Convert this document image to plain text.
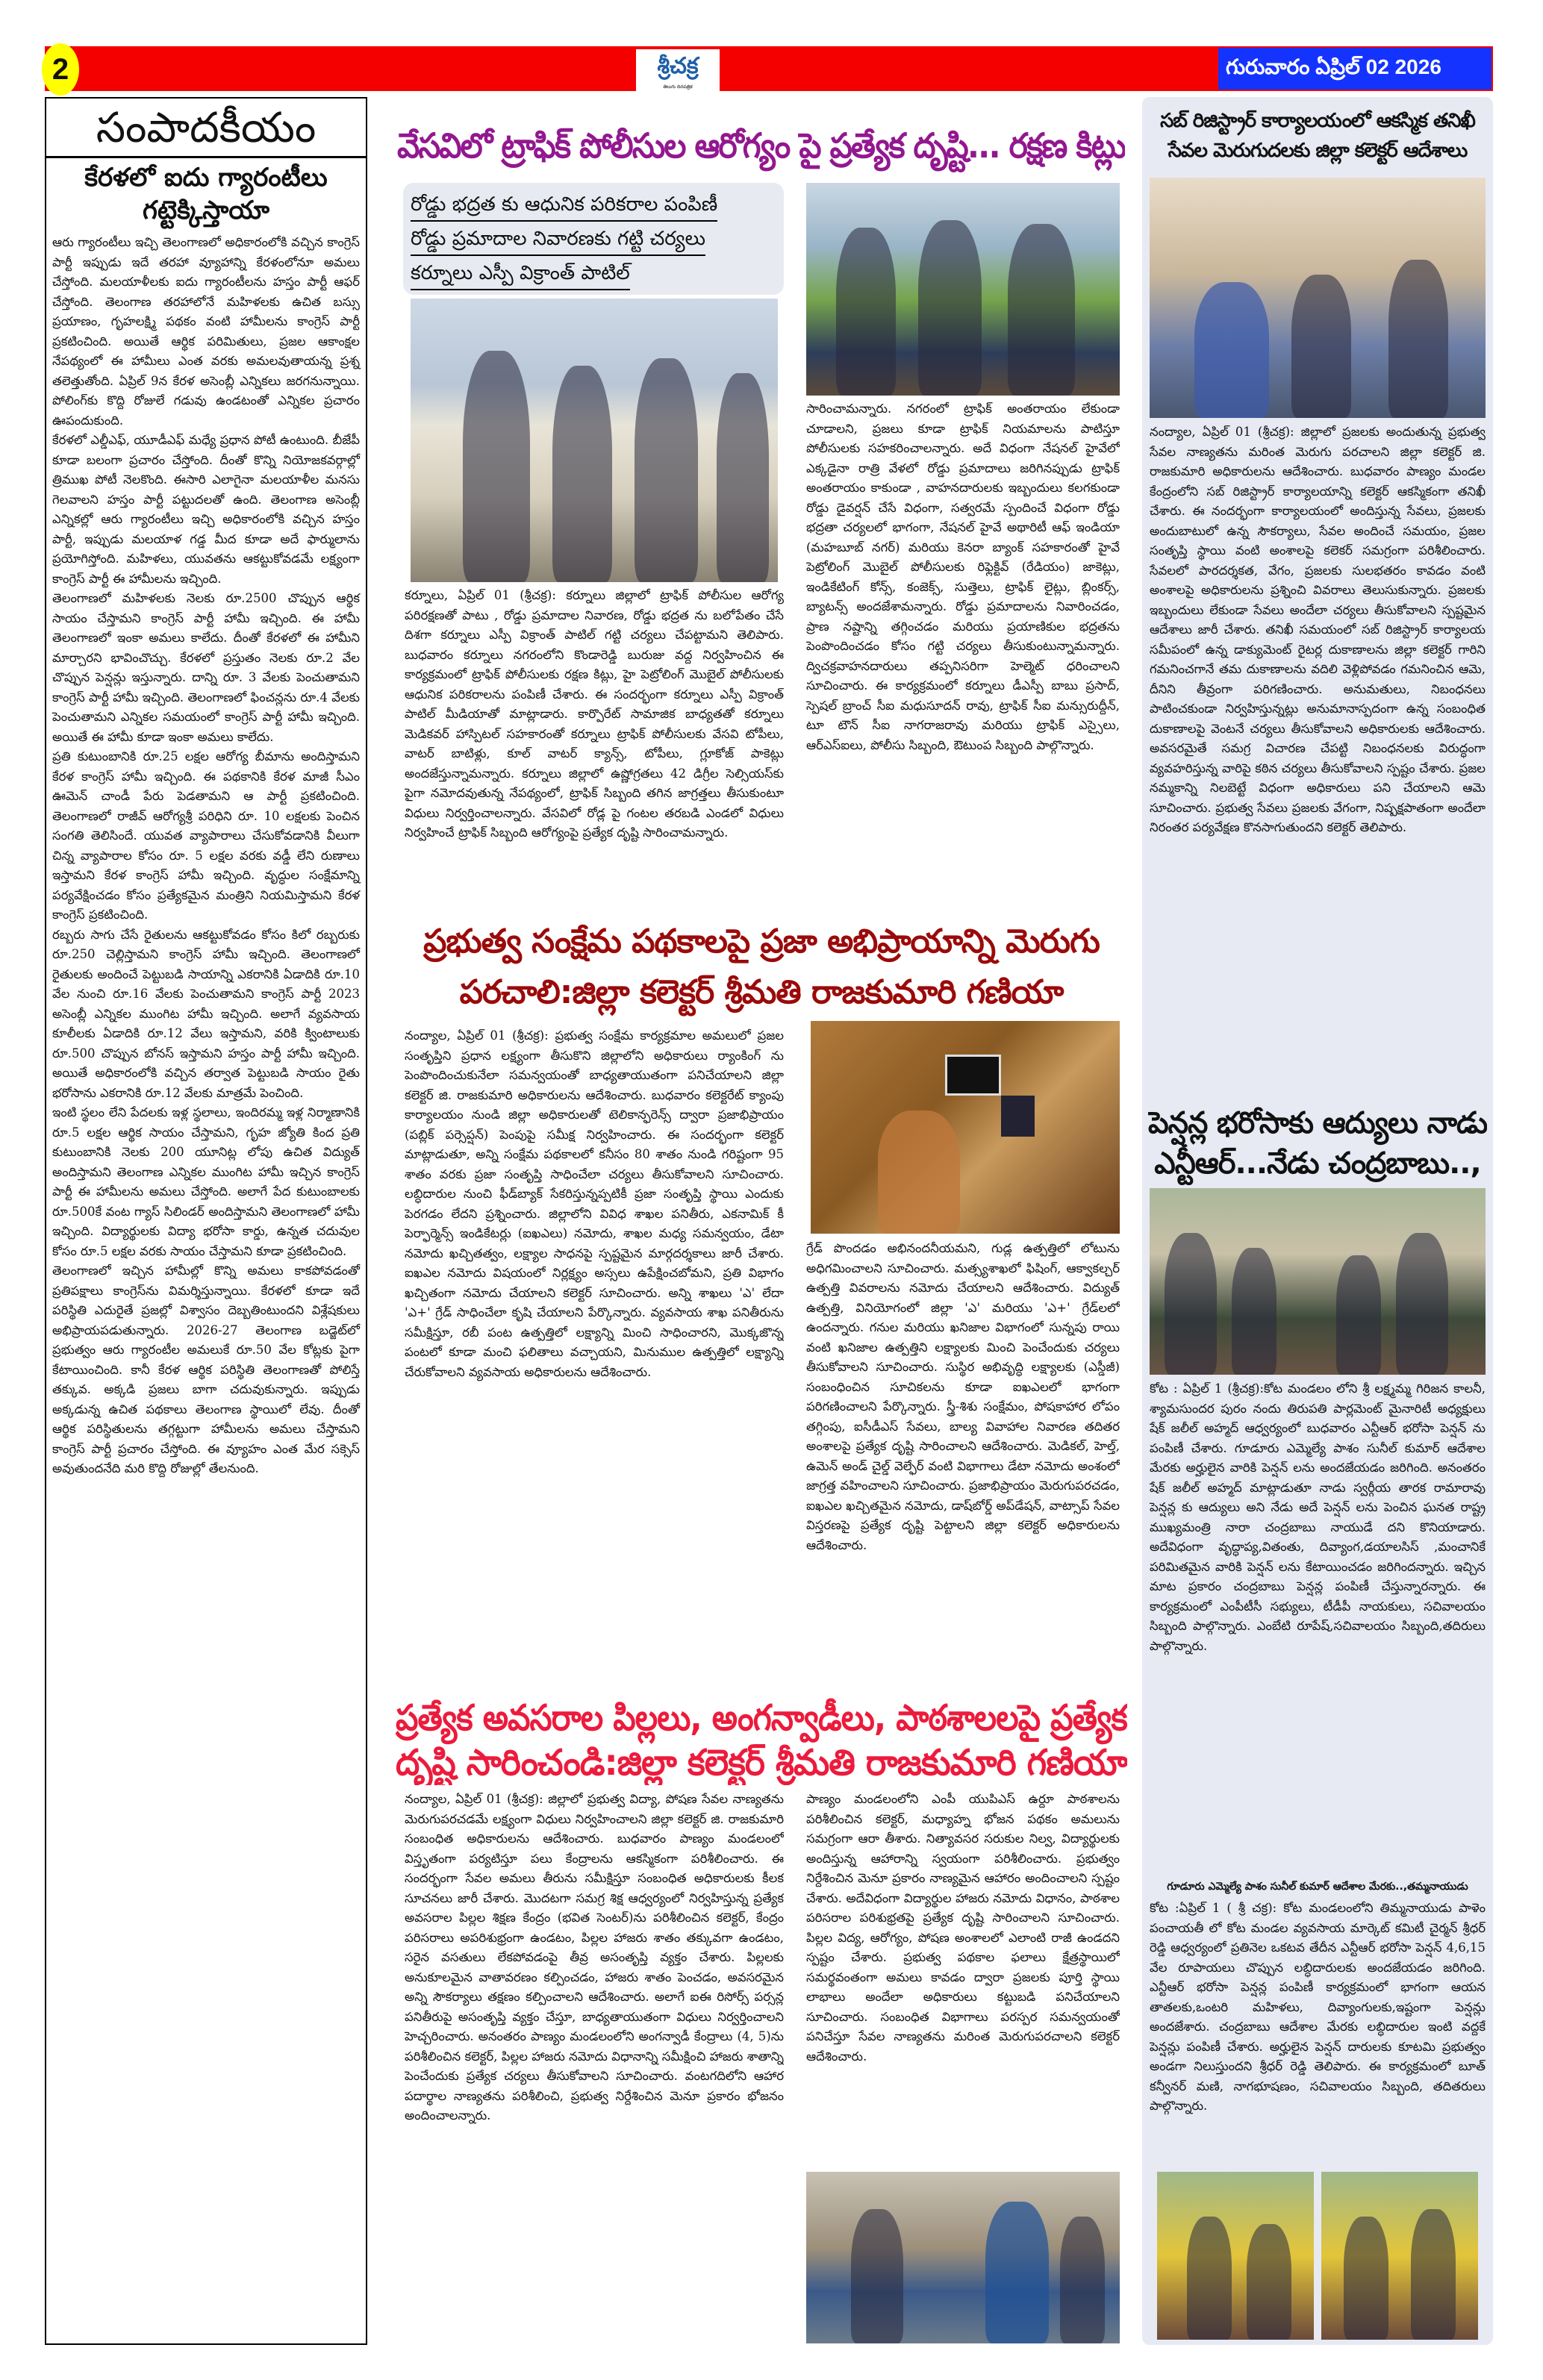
2	శ్రీచక్ర
తెలుగు దినపత్రిక
గురువారం ఏప్రిల్ 02 2026
సంపాదకీయం
కేరళలో ఐదు గ్యారంటీలు
గట్టెక్కిస్తాయా

ఆరు గ్యారంటీలు ఇచ్చి తెలంగాణలో అధికారంలోకి వచ్చిన కాంగ్రెస్ పార్టీ ఇప్పుడు ఇదే తరహా వ్యూహాన్ని కేరళంలోనూ అమలు చేస్తోంది. మలయాళీలకు ఐదు గ్యారంటీలను హస్తం పార్టీ ఆఫర్ చేస్తోంది. తెలంగాణ తరహాలోనే మహిళలకు ఉచిత బస్సు ప్రయాణం, గృహలక్ష్మి పథకం వంటి హామీలను కాంగ్రెస్ పార్టీ ప్రకటించింది. అయితే ఆర్థిక పరిమితులు, ప్రజల ఆకాంక్షల నేపథ్యంలో ఈ హామీలు ఎంత వరకు అమలవుతాయన్న ప్రశ్న తలెత్తుతోంది. ఏప్రిల్ 9న కేరళ అసెంబ్లీ ఎన్నికలు జరగనున్నాయి. పోలింగ్‌కు కొద్ది రోజులే గడువు ఉండటంతో ఎన్నికల ప్రచారం ఊపందుకుంది.

కేరళలో ఎల్డీఎఫ్, యూడీఎఫ్ మధ్యే ప్రధాన పోటీ ఉంటుంది. బీజేపీ కూడా బలంగా ప్రచారం చేస్తోంది. దీంతో కొన్ని నియోజకవర్గాల్లో త్రిముఖ పోటీ నెలకొంది. ఈసారి ఎలాగైనా మలయాళీల మనసు గెలవాలని హస్తం పార్టీ పట్టుదలతో ఉంది. తెలంగాణ అసెంబ్లీ ఎన్నికల్లో ఆరు గ్యారంటీలు ఇచ్చి అధికారంలోకి వచ్చిన హస్తం పార్టీ, ఇప్పుడు మలయాళ గడ్డ మీద కూడా అదే ఫార్ములాను ప్రయోగిస్తోంది. మహిళలు, యువతను ఆకట్టుకోవడమే లక్ష్యంగా కాంగ్రెస్ పార్టీ ఈ హామీలను ఇచ్చింది.

తెలంగాణలో మహిళలకు నెలకు రూ.2500 చొప్పున ఆర్థిక సాయం చేస్తామని కాంగ్రెస్ పార్టీ హామీ ఇచ్చింది. ఈ హామీ తెలంగాణలో ఇంకా అమలు కాలేదు. దీంతో కేరళలో ఈ హామీని మార్చారని భావించొచ్చు. కేరళలో ప్రస్తుతం నెలకు రూ.2 వేల చొప్పున పెన్షన్లు ఇస్తున్నారు. దాన్ని రూ. 3 వేలకు పెంచుతామని కాంగ్రెస్ పార్టీ హామీ ఇచ్చింది. తెలంగాణలో ఫించన్లను రూ.4 వేలకు పెంచుతామని ఎన్నికల సమయంలో కాంగ్రెస్ పార్టీ హామీ ఇచ్చింది. అయితే ఈ హామీ కూడా ఇంకా అమలు కాలేదు.

ప్రతి కుటుంబానికి రూ.25 లక్షల ఆరోగ్య బీమాను అందిస్తామని కేరళ కాంగ్రెస్ హామీ ఇచ్చింది. ఈ పథకానికి కేరళ మాజీ సీఎం ఊమెన్ చాండీ పేరు పెడతామని ఆ పార్టీ ప్రకటించింది. తెలంగాణలో రాజీవ్ ఆరోగ్యశ్రీ పరిధిని రూ. 10 లక్షలకు పెంచిన సంగతి తెలిసిందే. యువత వ్యాపారాలు చేసుకోవడానికి వీలుగా చిన్న వ్యాపారాల కోసం రూ. 5 లక్షల వరకు వడ్డీ లేని రుణాలు ఇస్తామని కేరళ కాంగ్రెస్ హామీ ఇచ్చింది. వృద్ధుల సంక్షేమాన్ని పర్యవేక్షించడం కోసం ప్రత్యేకమైన మంత్రిని నియమిస్తామని కేరళ కాంగ్రెస్ ప్రకటించింది.

రబ్బరు సాగు చేసే రైతులను ఆకట్టుకోవడం కోసం కిలో రబ్బరుకు రూ.250 చెల్లిస్తామని కాంగ్రెస్ హామీ ఇచ్చింది. తెలంగాణలో రైతులకు అందించే పెట్టుబడి సాయాన్ని ఎకరానికి ఏడాదికి రూ.10 వేల నుంచి రూ.16 వేలకు పెంచుతామని కాంగ్రెస్ పార్టీ 2023 అసెంబ్లీ ఎన్నికల ముంగిట హామీ ఇచ్చింది. అలాగే వ్యవసాయ కూలీలకు ఏడాదికి రూ.12 వేలు ఇస్తామని, వరికి క్వింటాలుకు రూ.500 చొప్పున బోనస్ ఇస్తామని హస్తం పార్టీ హామీ ఇచ్చింది. అయితే అధికారంలోకి వచ్చిన తర్వాత పెట్టుబడి సాయం రైతు భరోసాను ఎకరానికి రూ.12 వేలకు మాత్రమే పెంచింది.

ఇంటి స్థలం లేని పేదలకు ఇళ్ల స్థలాలు, ఇందిరమ్మ ఇళ్ల నిర్మాణానికి రూ.5 లక్షల ఆర్థిక సాయం చేస్తామని, గృహ జ్యోతి కింద ప్రతి కుటుంబానికి నెలకు 200 యూనిట్ల లోపు ఉచిత విద్యుత్ అందిస్తామని తెలంగాణ ఎన్నికల ముంగిట హామీ ఇచ్చిన కాంగ్రెస్ పార్టీ ఈ హామీలను అమలు చేస్తోంది. అలాగే పేద కుటుంబాలకు రూ.500కే వంట గ్యాస్ సిలిండర్ అందిస్తామని తెలంగాణలో హామీ ఇచ్చింది. విద్యార్థులకు విద్యా భరోసా కార్డు, ఉన్నత చదువుల కోసం రూ.5 లక్షల వరకు సాయం చేస్తామని కూడా ప్రకటించింది.

తెలంగాణలో ఇచ్చిన హామీల్లో కొన్ని అమలు కాకపోవడంతో ప్రతిపక్షాలు కాంగ్రెస్‌ను విమర్శిస్తున్నాయి. కేరళలో కూడా ఇదే పరిస్థితి ఎదురైతే ప్రజల్లో విశ్వాసం దెబ్బతింటుందని విశ్లేషకులు అభిప్రాయపడుతున్నారు. 2026-27 తెలంగాణ బడ్జెట్‌లో ప్రభుత్వం ఆరు గ్యారంటీల అమలుకే రూ.50 వేల కోట్లకు పైగా కేటాయించింది. కానీ కేరళ ఆర్థిక పరిస్థితి తెలంగాణతో పోలిస్తే తక్కువ. అక్కడి ప్రజలు బాగా చదువుకున్నారు. ఇప్పుడు అక్కడున్న ఉచిత పథకాలు తెలంగాణ స్థాయిలో లేవు. దీంతో ఆర్థిక పరిస్థితులను తగ్గట్టుగా హామీలను అమలు చేస్తామని కాంగ్రెస్ పార్టీ ప్రచారం చేస్తోంది. ఈ వ్యూహం ఎంత మేర సక్సెస్ అవుతుందనేది మరి కొద్ది రోజుల్లో తేలనుంది.

వేసవిలో ట్రాఫిక్ పోలీసుల ఆరోగ్యం పై ప్రత్యేక దృష్టి... రక్షణ కిట్లు
రోడ్డు భద్రత కు ఆధునిక పరికరాల పంపిణీ
రోడ్డు ప్రమాదాల నివారణకు గట్టి చర్యలు
కర్నూలు ఎస్పీ విక్రాంత్ పాటిల్
కర్నూలు, ఏప్రిల్ 01 (శ్రీచక్ర): కర్నూలు జిల్లాలో ట్రాఫిక్ పోలీసుల ఆరోగ్య పరిరక్షణతో పాటు , రోడ్డు ప్రమాదాల నివారణ, రోడ్డు భద్రత ను బలోపేతం చేసే దిశగా కర్నూలు ఎస్పీ విక్రాంత్ పాటిల్ గట్టి చర్యలు చేపట్టామని తెలిపారు. బుధవారం కర్నూలు నగరంలోని కొండారెడ్డి బురుజు వద్ద నిర్వహించిన ఈ కార్యక్రమంలో ట్రాఫిక్ పోలీసులకు రక్షణ కిట్లు, హై పెట్రోలింగ్ మొబైల్ పోలీసులకు ఆధునిక పరికరాలను పంపిణీ చేశారు. ఈ సందర్భంగా కర్నూలు ఎస్పీ విక్రాంత్ పాటిల్ మీడియాతో మాట్లాడారు. కార్పొరేట్ సామాజిక బాధ్యతతో కర్నూలు మెడికవర్ హాస్పిటల్ సహకారంతో కర్నూలు ట్రాఫిక్ పోలీసులకు వేసవి టోపీలు, వాటర్ బాటిళ్లు, కూల్ వాటర్ క్యాన్స్, టోపీలు, గ్లూకోజ్ పాకెట్లు అందజేస్తున్నామన్నారు. కర్నూలు జిల్లాలో ఉష్ణోగ్రతలు 42 డిగ్రీల సెల్సియస్‌కు పైగా నమోదవుతున్న నేపథ్యంలో, ట్రాఫిక్ సిబ్బంది తగిన జాగ్రత్తలు తీసుకుంటూ విధులు నిర్వర్తించాలన్నారు. వేసవిలో రోడ్ల పై గంటల తరబడి ఎండలో విధులు నిర్వహించే ట్రాఫిక్ సిబ్బంది ఆరోగ్యంపై ప్రత్యేక దృష్టి సారించామన్నారు.
సారించామన్నారు. నగరంలో ట్రాఫిక్ అంతరాయం లేకుండా చూడాలని, ప్రజలు కూడా ట్రాఫిక్ నియమాలను పాటిస్తూ పోలీసులకు సహకరించాలన్నారు. అదే విధంగా నేషనల్ హైవేలో ఎక్కడైనా రాత్రి వేళలో రోడ్డు ప్రమాదాలు జరిగినప్పుడు ట్రాఫిక్ అంతరాయం కాకుండా , వాహనదారులకు ఇబ్బందులు కలగకుండా రోడ్డు డైవర్షన్ చేసే విధంగా, సత్వరమే స్పందించే విధంగా రోడ్డు భద్రతా చర్యలలో భాగంగా, నేషనల్ హైవే అథారిటీ ఆఫ్ ఇండియా (మహబూబ్ నగర్) మరియు కెనరా బ్యాంక్ సహకారంతో హైవే పెట్రోలింగ్ మొబైల్ పోలీసులకు రిఫ్లెక్టివ్ (రేడియం) జాకెట్లు, ఇండికేటింగ్ కోన్స్, కంజెక్స్, సుత్తెలు, ట్రాఫిక్ లైట్లు, బ్లింకర్స్, బ్యాటన్స్ అందజేశామన్నారు. రోడ్డు ప్రమాదాలను నివారించడం, ప్రాణ నష్టాన్ని తగ్గించడం మరియు ప్రయాణికుల భద్రతను పెంపొందించడం కోసం గట్టి చర్యలు తీసుకుంటున్నామన్నారు. ద్విచక్రవాహనదారులు తప్పనిసరిగా హెల్మెట్ ధరించాలని సూచించారు. ఈ కార్యక్రమంలో కర్నూలు డీఎస్పీ బాబు ప్రసాద్, స్పెషల్ బ్రాంచ్ సీఐ మధుసూదన్ రావు, ట్రాఫిక్ సీఐ మన్సురుద్దీన్, టూ టౌన్ సీఐ నాగరాజరావు మరియు ట్రాఫిక్ ఎస్సైలు, ఆర్ఎస్ఐలు, పోలీసు సిబ్బంది, ఔటుంప సిబ్బంది పాల్గొన్నారు.
ప్రభుత్వ సంక్షేమ పథకాలపై ప్రజా అభిప్రాయాన్ని మెరుగు
పరచాలి:జిల్లా కలెక్టర్ శ్రీమతి రాజకుమారి గణియా
నంద్యాల, ఏప్రిల్ 01 (శ్రీచక్ర): ప్రభుత్వ సంక్షేమ కార్యక్రమాల అమలులో ప్రజల సంతృప్తిని ప్రధాన లక్ష్యంగా తీసుకొని జిల్లాలోని అధికారులు ర్యాంకింగ్ ను పెంపొందించుకునేలా సమన్వయంతో బాధ్యతాయుతంగా పనిచేయాలని జిల్లా కలెక్టర్ జి. రాజకుమారి అధికారులను ఆదేశించారు. బుధవారం కలెక్టరేట్ క్యాంపు కార్యాలయం నుండి జిల్లా అధికారులతో టెలికాన్ఫరెన్స్ ద్వారా ప్రజాభిప్రాయం (పబ్లిక్ పర్సెప్షన్) పెంపుపై సమీక్ష నిర్వహించారు. ఈ సందర్భంగా కలెక్టర్ మాట్లాడుతూ, అన్ని సంక్షేమ పథకాలలో కనీసం 80 శాతం నుండి గరిష్టంగా 95 శాతం వరకు ప్రజా సంతృప్తి సాధించేలా చర్యలు తీసుకోవాలని సూచించారు. లబ్ధిదారుల నుంచి ఫీడ్‌బ్యాక్ సేకరిస్తున్నప్పటికీ ప్రజా సంతృప్తి స్థాయి ఎందుకు పెరగడం లేదని ప్రశ్నించారు. జిల్లాలోని వివిధ శాఖల పనితీరు, ఎకనామిక్ కీ పెర్ఫార్మెన్స్ ఇండికేటర్లు (ఐఖఎలు) నమోదు, శాఖల మధ్య సమన్వయం, డేటా నమోదు ఖచ్చితత్వం, లక్ష్యాల సాధనపై స్పష్టమైన మార్గదర్శకాలు జారీ చేశారు. ఐఖఎల నమోదు విషయంలో నిర్లక్ష్యం అస్సలు ఉపేక్షించబోమని, ప్రతి విభాగం ఖచ్చితంగా నమోదు చేయాలని కలెక్టర్ సూచించారు. అన్ని శాఖలు 'ఎ' లేదా 'ఎ+' గ్రేడ్ సాధించేలా కృషి చేయాలని పేర్కొన్నారు. వ్యవసాయ శాఖ పనితీరును సమీక్షిస్తూ, రబీ పంట ఉత్పత్తిలో లక్ష్యాన్ని మించి సాధించారని, మొక్కజొన్న పంటలో కూడా మంచి ఫలితాలు వచ్చాయని, మినుముల ఉత్పత్తిలో లక్ష్యాన్ని చేరుకోవాలని వ్యవసాయ అధికారులను ఆదేశించారు.
గ్రేడ్ పొందడం అభినందనీయమని, గుడ్ల ఉత్పత్తిలో లోటును అధిగమించాలని సూచించారు. మత్స్యశాఖలో ఫిషింగ్, ఆక్వాకల్చర్ ఉత్పత్తి వివరాలను నమోదు చేయాలని ఆదేశించారు. విద్యుత్ ఉత్పత్తి, వినియోగంలో జిల్లా 'ఎ' మరియు 'ఎ+' గ్రేడ్‌లలో ఉందన్నారు. గనుల మరియు ఖనిజాల విభాగంలో సున్నపు రాయి వంటి ఖనిజాల ఉత్పత్తిని లక్ష్యాలకు మించి పెంచేందుకు చర్యలు తీసుకోవాలని సూచించారు. సుస్థిర అభివృద్ధి లక్ష్యాలకు (ఎస్డీజీ) సంబంధించిన సూచికలను కూడా ఐఖఎలలో భాగంగా పరిగణించాలని పేర్కొన్నారు. స్త్రీ-శిశు సంక్షేమం, పోషకాహార లోపం తగ్గింపు, ఐసీడీఎస్ సేవలు, బాల్య వివాహాల నివారణ తదితర అంశాలపై ప్రత్యేక దృష్టి సారించాలని ఆదేశించారు. మెడికల్, హెల్త్, ఉమెన్ అండ్ చైల్డ్ వెల్ఫేర్ వంటి విభాగాలు డేటా నమోదు అంశంలో జాగ్రత్త వహించాలని సూచించారు. ప్రజాభిప్రాయం మెరుగుపరచడం, ఐఖఎల ఖచ్చితమైన నమోదు, డాష్‌బోర్డ్ అప్‌డేషన్, వాట్సాప్ సేవల విస్తరణపై ప్రత్యేక దృష్టి పెట్టాలని జిల్లా కలెక్టర్ అధికారులను ఆదేశించారు.
ప్రత్యేక అవసరాల పిల్లలు, అంగన్వాడీలు, పాఠశాలలపై ప్రత్యేక
దృష్టి సారించండి:జిల్లా కలెక్టర్ శ్రీమతి రాజకుమారి గణియా
నంద్యాల, ఏప్రిల్ 01 (శ్రీచక్ర): జిల్లాలో ప్రభుత్వ విద్యా, పోషణ సేవల నాణ్యతను మెరుగుపరచడమే లక్ష్యంగా విధులు నిర్వహించాలని జిల్లా కలెక్టర్ జి. రాజకుమారి సంబంధిత అధికారులను ఆదేశించారు. బుధవారం పాణ్యం మండలంలో విస్తృతంగా పర్యటిస్తూ పలు కేంద్రాలను ఆకస్మికంగా పరిశీలించారు. ఈ సందర్భంగా సేవల అమలు తీరును సమీక్షిస్తూ సంబంధిత అధికారులకు కీలక సూచనలు జారీ చేశారు. మొదటగా సమగ్ర శిక్ష ఆధ్వర్యంలో నిర్వహిస్తున్న ప్రత్యేక అవసరాల పిల్లల శిక్షణ కేంద్రం (భవిత సెంటర్)ను పరిశీలించిన కలెక్టర్, కేంద్రం పరిసరాలు అపరిశుభ్రంగా ఉండటం, పిల్లల హాజరు శాతం తక్కువగా ఉండటం, సరైన వసతులు లేకపోవడంపై తీవ్ర అసంతృప్తి వ్యక్తం చేశారు. పిల్లలకు అనుకూలమైన వాతావరణం కల్పించడం, హాజరు శాతం పెంచడం, అవసరమైన అన్ని సౌకర్యాలు తక్షణం కల్పించాలని ఆదేశించారు. అలాగే ఐఈ రిసోర్స్ పర్సన్ల పనితీరుపై అసంతృప్తి వ్యక్తం చేస్తూ, బాధ్యతాయుతంగా విధులు నిర్వర్తించాలని హెచ్చరించారు. అనంతరం పాణ్యం మండలంలోని అంగన్వాడీ కేంద్రాలు (4, 5)ను పరిశీలించిన కలెక్టర్, పిల్లల హాజరు నమోదు విధానాన్ని సమీక్షించి హాజరు శాతాన్ని పెంచేందుకు ప్రత్యేక చర్యలు తీసుకోవాలని సూచించారు. వంటగదిలోని ఆహార పదార్థాల నాణ్యతను పరిశీలించి, ప్రభుత్వ నిర్దేశించిన మెనూ ప్రకారం భోజనం అందించాలన్నారు.
పాణ్యం మండలంలోని ఎంపీ యుపిఎస్ ఉర్దూ పాఠశాలను పరిశీలించిన కలెక్టర్, మధ్యాహ్న భోజన పథకం అమలును సమగ్రంగా ఆరా తీశారు. నిత్యావసర సరుకుల నిల్వ, విద్యార్థులకు అందిస్తున్న ఆహారాన్ని స్వయంగా పరిశీలించారు. ప్రభుత్వం నిర్దేశించిన మెనూ ప్రకారం నాణ్యమైన ఆహారం అందించాలని స్పష్టం చేశారు. అదేవిధంగా విద్యార్థుల హాజరు నమోదు విధానం, పాఠశాల పరిసరాల పరిశుభ్రతపై ప్రత్యేక దృష్టి సారించాలని సూచించారు. పిల్లల విద్య, ఆరోగ్యం, పోషణ అంశాలలో ఎలాంటి రాజీ ఉండదని స్పష్టం చేశారు. ప్రభుత్వ పథకాల ఫలాలు క్షేత్రస్థాయిలో సమర్థవంతంగా అమలు కావడం ద్వారా ప్రజలకు పూర్తి స్థాయి లాభాలు అందేలా అధికారులు కట్టుబడి పనిచేయాలని సూచించారు. సంబంధిత విభాగాలు పరస్పర సమన్వయంతో పనిచేస్తూ సేవల నాణ్యతను మరింత మెరుగుపరచాలని కలెక్టర్ ఆదేశించారు.
సబ్ రిజిస్ట్రార్ కార్యాలయంలో ఆకస్మిక తనిఖీ
సేవల మెరుగుదలకు జిల్లా కలెక్టర్ ఆదేశాలు
నంద్యాల, ఏప్రిల్ 01 (శ్రీచక్ర): జిల్లాలో ప్రజలకు అందుతున్న ప్రభుత్వ సేవల నాణ్యతను మరింత మెరుగు పరచాలని జిల్లా కలెక్టర్ జి. రాజకుమారి అధికారులను ఆదేశించారు. బుధవారం పాణ్యం మండల కేంద్రంలోని సబ్ రిజిస్ట్రార్ కార్యాలయాన్ని కలెక్టర్ ఆకస్మికంగా తనిఖీ చేశారు. ఈ నందర్భంగా కార్యాలయంలో అందిస్తున్న సేవలు, ప్రజలకు అందుబాటులో ఉన్న సౌకర్యాలు, సేవల అందించే సమయం, ప్రజల సంతృప్తి స్థాయి వంటి అంశాలపై కలెకర్ సమగ్రంగా పరిశీలించారు. సేవలలో పారదర్శకత, వేగం, ప్రజలకు సులభతరం కావడం వంటి అంశాలపై అధికారులను ప్రశ్నించి వివరాలు తెలుసుకున్నారు. ప్రజలకు ఇబ్బందులు లేకుండా సేవలు అందేలా చర్యలు తీసుకోవాలని స్పష్టమైన ఆదేశాలు జారీ చేశారు. తనిఖీ సమయంలో సబ్ రిజిస్ట్రార్ కార్యాలయ సమీపంలో ఉన్న డాక్యుమెంట్ రైటర్ల దుకాణాలను జిల్లా కలెక్టర్ గారిని గమనించగానే తమ దుకాణాలను వదిలి వెళ్లిపోవడం గమనించిన ఆమె, దీనిని తీవ్రంగా పరిగణించారు. అనుమతులు, నిబంధనలు పాటించకుండా నిర్వహిస్తున్నట్లు అనుమానాస్పదంగా ఉన్న సంబంధిత దుకాణాలపై వెంటనే చర్యలు తీసుకోవాలని అధికారులకు ఆదేశించారు. అవసరమైతే సమగ్ర విచారణ చేపట్టి నిబంధనలకు విరుద్ధంగా వ్యవహరిస్తున్న వారిపై కఠిన చర్యలు తీసుకోవాలని స్పష్టం చేశారు. ప్రజల నమ్మకాన్ని నిలబెట్టే విధంగా అధికారులు పని చేయాలని ఆమె సూచించారు. ప్రభుత్వ సేవలు ప్రజలకు వేగంగా, నిష్పక్షపాతంగా అందేలా నిరంతర పర్యవేక్షణ కొనసాగుతుందని కలెక్టర్ తెలిపారు.
పెన్షన్ల భరోసాకు ఆద్యులు నాడు
ఎన్టీఆర్...నేడు చంద్రబాబు..,
కోట : ఏప్రిల్ 1 (శ్రీచక్ర):కోట మండలం లోని శ్రీ లక్ష్మమ్మ గిరిజన కాలనీ, శ్యామసుందర పురం నందు తిరుపతి పార్లమెంట్ మైనారిటీ అధ్యక్షులు షేక్ జలీల్ అహ్మద్ ఆధ్వర్యంలో బుధవారం ఎన్టీఆర్ భరోసా పెన్షన్ ను పంపిణీ చేశారు. గూడూరు ఎమ్మెల్యే పాశం సునీల్ కుమార్ ఆదేశాల మేరకు అర్హులైన వారికి పెన్షన్ లను అందజేయడం జరిగింది. అనంతరం షేక్ జలీల్ అహ్మద్ మాట్లాడుతూ నాడు స్వర్గీయ తారక రామారావు పెన్షన్ల కు ఆద్యులు అని నేడు అదే పెన్షన్ లను పెంచిన ఘనత రాష్ట్ర ముఖ్యమంత్రి నారా చంద్రబాబు నాయుడే దని కొనియాడారు. అదేవిధంగా వృద్ధాప్య,వితంతు, దివ్యాంగ,డయాలసిస్ ,మంచానికే పరిమితమైన వారికి పెన్షన్ లను కేటాయించడం జరిగిందన్నారు. ఇచ్చిన మాట ప్రకారం చంద్రబాబు పెన్షన్ల పంపిణీ చేస్తున్నారన్నారు. ఈ కార్యక్రమంలో ఎంపీటీసీ సభ్యులు, టీడీపీ నాయకులు, సచివాలయం సిబ్బంది పాల్గొన్నారు. ఎంబేటి రూపేష్,సచివాలయం సిబ్బంది,తదిరులు పాల్గొన్నారు.
గూడూరు ఎమ్మెల్యే పాశం సునీల్ కుమార్ ఆదేశాల మేరకు..,తమ్మనాయుడు
కోట :ఏప్రిల్ 1 ( శ్రీ చక్ర): కోట మండలంలోని తిమ్మనాయుడు పాళెం పంచాయతీ లో కోట మండల వ్యవసాయ మార్కెట్ కమిటీ చైర్మన్ శ్రీధర్ రెడ్డి ఆధ్వర్యంలో ప్రతినెల ఒకటవ తేదీన ఎన్టీఆర్ భరోసా పెన్షన్ 4,6,15 వేల రూపాయలు చొప్పున లబ్ధిదారులకు అందజేయడం జరిగింది. ఎన్టీఆర్ భరోసా పెన్షన్ల పంపిణీ కార్యక్రమంలో భాగంగా ఆయన తాతలకు,ఒంటరి మహిళలు, దివ్యాంగులకు,ఇష్టంగా పెన్షన్లు అందజేశారు. చంద్రబాబు ఆదేశాల మేరకు లబ్ధిదారుల ఇంటి వద్దకే పెన్షన్లు పంపిణీ చేశారు. అర్హులైన పెన్షన్ దారులకు కూటమి ప్రభుత్వం అండగా నిలుస్తుందని శ్రీధర్ రెడ్డి తెలిపారు. ఈ కార్యక్రమంలో బూత్ కన్వీనర్ మణి, నాగభూషణం, సచివాలయం సిబ్బంది, తదితరులు పాల్గొన్నారు.
